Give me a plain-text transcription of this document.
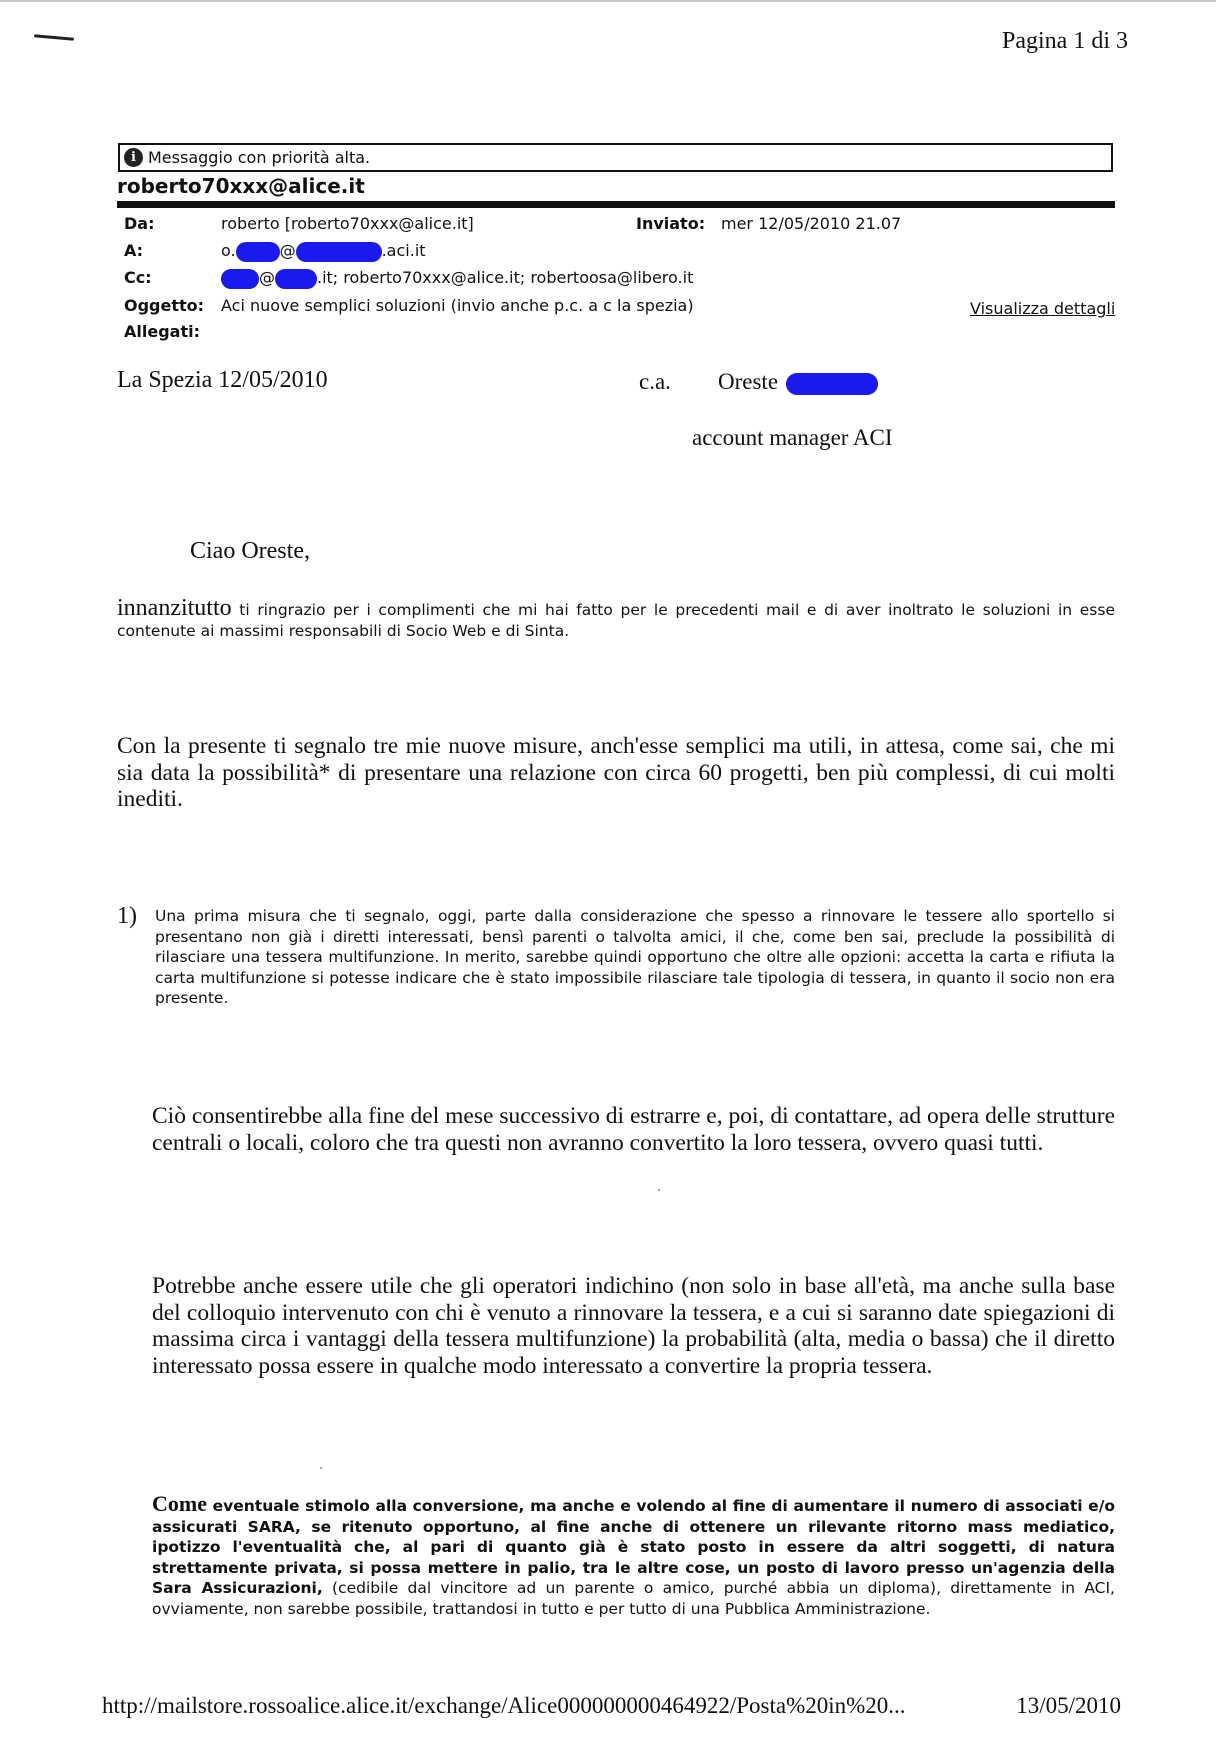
Pagina 1 di 3
i Messaggio con priorità alta.
roberto70xxx@alice.it
Da:	roberto [roberto70xxx@alice.it]	Inviato: mer 12/05/2010 21.07
A:	o.	@	.aci.it
Cc:	@	.it; roberto70xxx@alice.it; robertoosa@libero.it
Oggetto: Aci nuove semplici soluzioni (invio anche p.c. a c la spezia)	Visualizza dettagli
Allegati:
La Spezia 12/05/2010	c.a. Oreste
account manager ACI
Ciao Oreste,
innanzitutto ti ringrazio per i complimenti che mi hai fatto per le precedenti mail e di aver inoltrato le soluzioni in esse contenute ai massimi responsabili di Socio Web e di Sinta.
Con la presente ti segnalo tre mie nuove misure, anch'esse semplici ma utili, in attesa, come sai, che mi sia data la possibilità* di presentare una relazione con circa 60 progetti, ben più complessi, di cui molti inediti.
1) Una prima misura che ti segnalo, oggi, parte dalla considerazione che spesso a rinnovare le tessere allo sportello si presentano non già i diretti interessati, bensì parenti o talvolta amici, il che, come ben sai, preclude la possibilità di rilasciare una tessera multifunzione. In merito, sarebbe quindi opportuno che oltre alle opzioni: accetta la carta e rifiuta la carta multifunzione si potesse indicare che è stato impossibile rilasciare tale tipologia di tessera, in quanto il socio non era presente.
Ciò consentirebbe alla fine del mese successivo di estrarre e, poi, di contattare, ad opera delle strutture centrali o locali, coloro che tra questi non avranno convertito la loro tessera, ovvero quasi tutti.
Potrebbe anche essere utile che gli operatori indichino (non solo in base all'età, ma anche sulla base del colloquio intervenuto con chi è venuto a rinnovare la tessera, e a cui si saranno date spiegazioni di massima circa i vantaggi della tessera multifunzione) la probabilità (alta, media o bassa) che il diretto interessato possa essere in qualche modo interessato a convertire la propria tessera.
Come eventuale stimolo alla conversione, ma anche e volendo al fine di aumentare il numero di associati e/o assicurati SARA, se ritenuto opportuno, al fine anche di ottenere un rilevante ritorno mass mediatico, ipotizzo l'eventualità che, al pari di quanto già è stato posto in essere da altri soggetti, di natura strettamente privata, si possa mettere in palio, tra le altre cose, un posto di lavoro presso un'agenzia della Sara Assicurazioni, (cedibile dal vincitore ad un parente o amico, purché abbia un diploma), direttamente in ACI, ovviamente, non sarebbe possibile, trattandosi in tutto e per tutto di una Pubblica Amministrazione.
http://mailstore.rossoalice.alice.it/exchange/Alice000000000464922/Posta%20in%20...	13/05/2010
